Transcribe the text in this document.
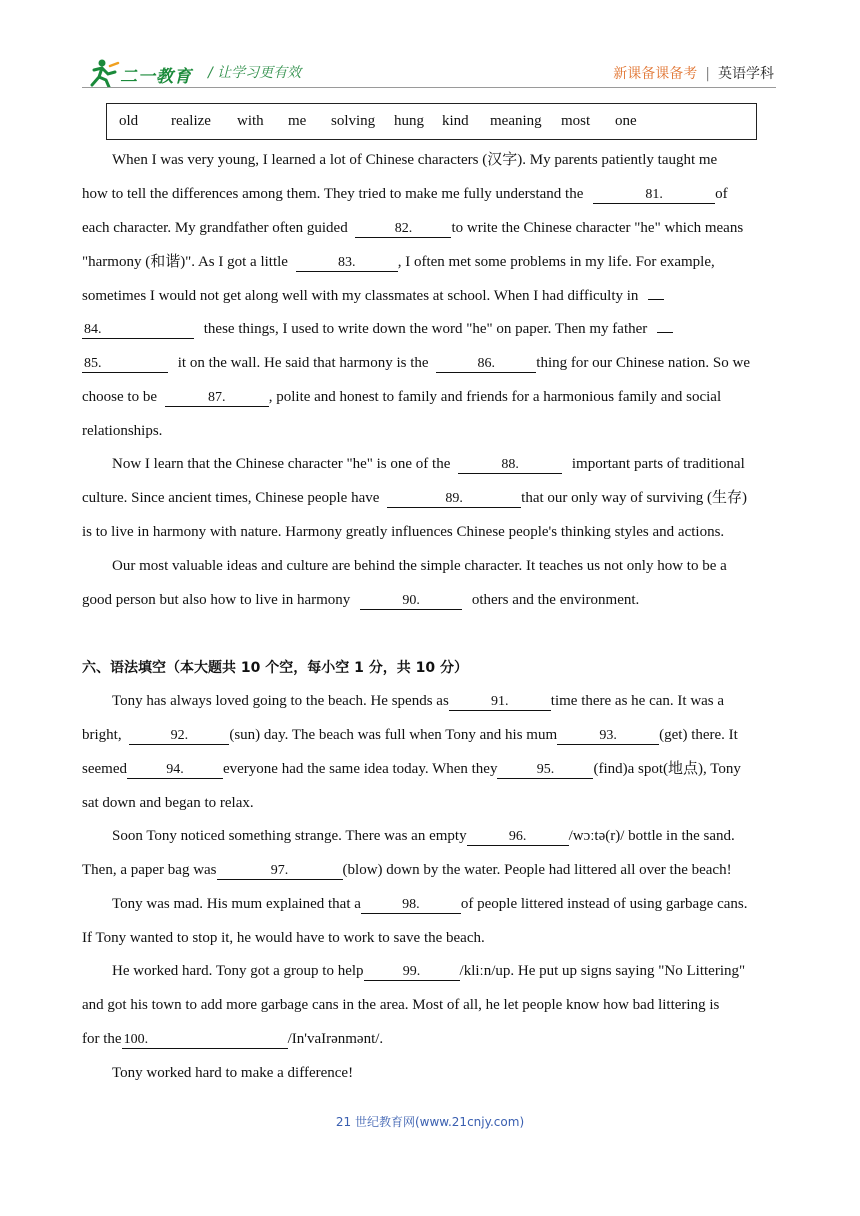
二一教育 / 让学习更有效	新课备课备考 | 英语学科
old	realize	with	me	solving	hung	kind	meaning	most	one
When I was very young, I learned a lot of Chinese characters (汉字). My parents patiently taught me
how to tell the differences among them. They tried to make me fully understand the	81.	of
each character. My grandfather often guided	82.	to write the Chinese character "he" which means
"harmony (和谐)". As I got a little	83.	, I often met some problems in my life. For example,
sometimes I would not get along well with my classmates at school. When I had difficulty in
84.	these things, I used to write down the word "he" on paper. Then my father
85.	it on the wall. He said that harmony is the	86.	thing for our Chinese nation. So we
choose to be	87.	, polite and honest to family and friends for a harmonious family and social
relationships.
Now I learn that the Chinese character "he" is one of the	88.	important parts of traditional
culture. Since ancient times, Chinese people have	89.	that our only way of surviving (生存)
is to live in harmony with nature. Harmony greatly influences Chinese people's thinking styles and actions.
Our most valuable ideas and culture are behind the simple character. It teaches us not only how to be a
good person but also how to live in harmony	90.	others and the environment.
六、语法填空（本大题共 10 个空，每小空 1 分，共 10 分）
Tony has always loved going to the beach. He spends as	91.	time there as he can. It was a
bright,	92.	(sun) day. The beach was full when Tony and his mum	93.	(get) there. It
seemed	94.	everyone had the same idea today. When they	95.	(find)a spot(地点), Tony
sat down and began to relax.
Soon Tony noticed something strange. There was an empty	96.	/wɔːtə(r)/ bottle in the sand.
Then, a paper bag was	97.	(blow) down by the water. People had littered all over the beach!
Tony was mad. His mum explained that a	98.	of people littered instead of using garbage cans.
If Tony wanted to stop it, he would have to work to save the beach.
He worked hard. Tony got a group to help	99.	/kliːn/up. He put up signs saying "No Littering"
and got his town to add more garbage cans in the area. Most of all, he let people know how bad littering is
for the 100.	/In'vaIrənmənt/.
Tony worked hard to make a difference!
21 世纪教育网(www.21cnjy.com)
